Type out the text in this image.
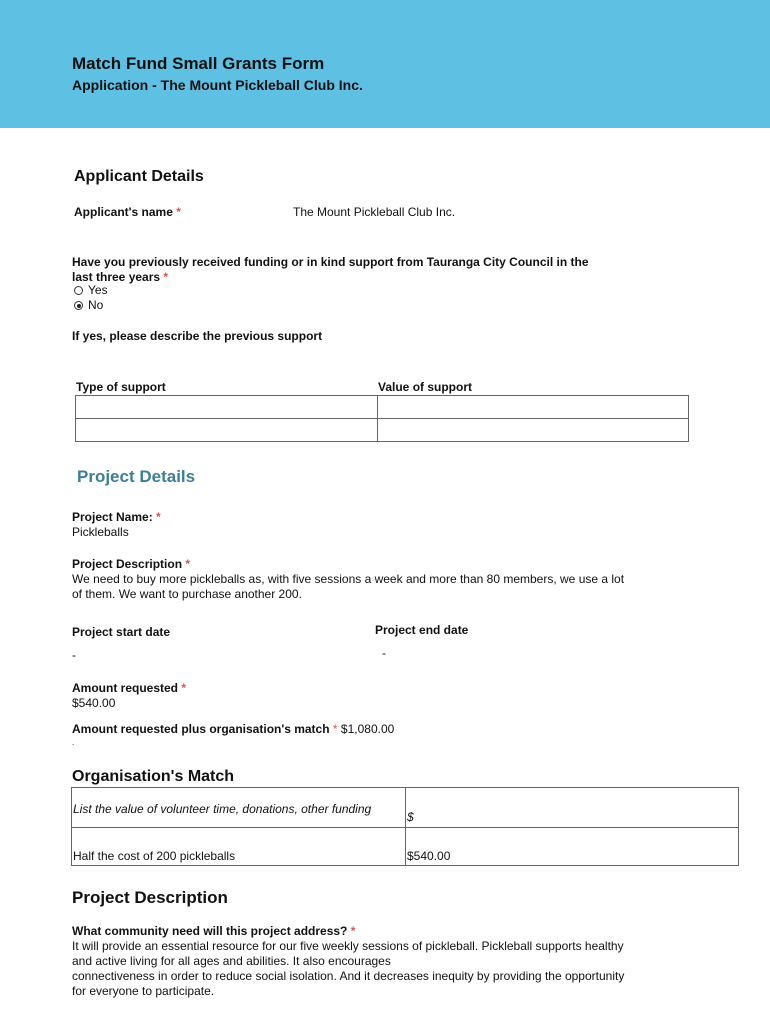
Match Fund Small Grants Form
Application - The Mount Pickleball Club Inc.
Applicant Details
Applicant's name *	The Mount Pickleball Club Inc.
Have you previously received funding or in kind support from Tauranga City Council in the
last three years *
Yes
No
If yes, please describe the previous support
Type of support	Value of support

Project Details
Project Name: *
Pickleballs
Project Description *
We need to buy more pickleballs as, with five sessions a week and more than 80 members, we use a lot
of them. We want to purchase another 200.
Project start date
-
Project end date
-
Amount requested *
$540.00
Amount requested plus organisation's match * $1,080.00
.
Organisation's Match
List the value of volunteer time, donations, other funding	$
Half the cost of 200 pickleballs	$540.00
Project Description
What community need will this project address? *
It will provide an essential resource for our five weekly sessions of pickleball. Pickleball supports healthy
and active living for all ages and abilities. It also encourages
connectiveness in order to reduce social isolation. And it decreases inequity by providing the opportunity
for everyone to participate.
